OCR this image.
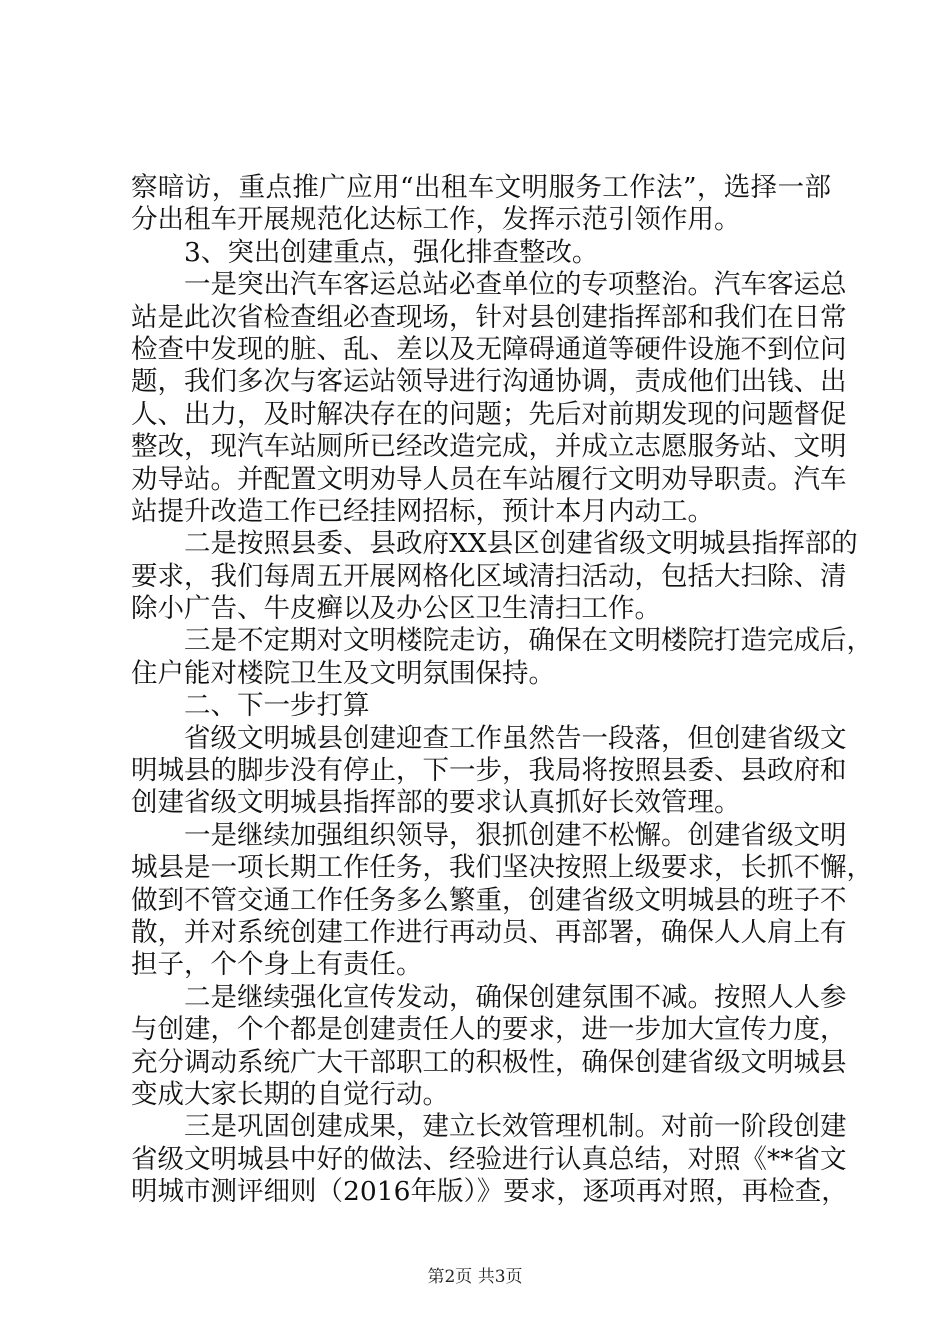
察暗访，重点推广应用“出租车文明服务工作法”，选择一部
分出租车开展规范化达标工作，发挥示范引领作用。
3、突出创建重点，强化排查整改。
一是突出汽车客运总站必查单位的专项整治。汽车客运总
站是此次省检查组必查现场，针对县创建指挥部和我们在日常
检查中发现的脏、乱、差以及无障碍通道等硬件设施不到位问
题，我们多次与客运站领导进行沟通协调，责成他们出钱、出
人、出力，及时解决存在的问题；先后对前期发现的问题督促
整改，现汽车站厕所已经改造完成，并成立志愿服务站、文明
劝导站。并配置文明劝导人员在车站履行文明劝导职责。汽车
站提升改造工作已经挂网招标，预计本月内动工。
二是按照县委、县政府XX县区创建省级文明城县指挥部的
要求，我们每周五开展网格化区域清扫活动，包括大扫除、清
除小广告、牛皮癣以及办公区卫生清扫工作。
三是不定期对文明楼院走访，确保在文明楼院打造完成后，
住户能对楼院卫生及文明氛围保持。
二、下一步打算
省级文明城县创建迎查工作虽然告一段落，但创建省级文
明城县的脚步没有停止，下一步，我局将按照县委、县政府和
创建省级文明城县指挥部的要求认真抓好长效管理。
一是继续加强组织领导，狠抓创建不松懈。创建省级文明
城县是一项长期工作任务，我们坚决按照上级要求，长抓不懈，
做到不管交通工作任务多么繁重，创建省级文明城县的班子不
散，并对系统创建工作进行再动员、再部署，确保人人肩上有
担子，个个身上有责任。
二是继续强化宣传发动，确保创建氛围不减。按照人人参
与创建，个个都是创建责任人的要求，进一步加大宣传力度，
充分调动系统广大干部职工的积极性，确保创建省级文明城县
变成大家长期的自觉行动。
三是巩固创建成果，建立长效管理机制。对前一阶段创建
省级文明城县中好的做法、经验进行认真总结，对照《**省文
明城市测评细则（2016年版）》要求，逐项再对照，再检查，
第2页 共3页
